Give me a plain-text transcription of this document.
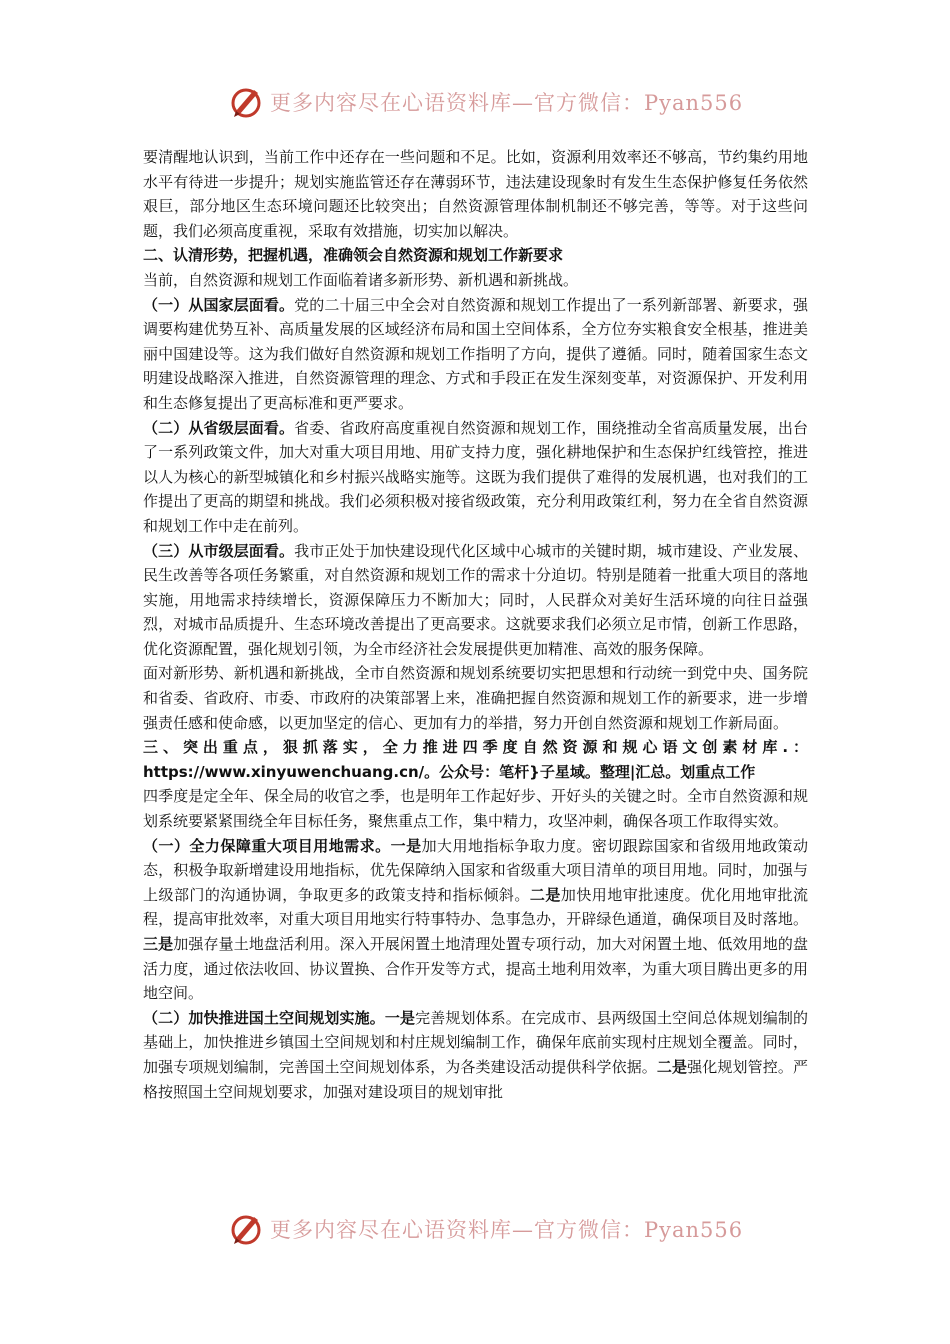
更多内容尽在心语资料库—官方微信：Pyan556

要清醒地认识到，当前工作中还存在一些问题和不足。比如，资源利用效率还不够高，节约集约用地水平有待进一步提升；规划实施监管还存在薄弱环节，违法建设现象时有发生生态保护修复任务依然艰巨，部分地区生态环境问题还比较突出；自然资源管理体制机制还不够完善，等等。对于这些问题，我们必须高度重视，采取有效措施，切实加以解决。

二、认清形势，把握机遇，准确领会自然资源和规划工作新要求

当前，自然资源和规划工作面临着诸多新形势、新机遇和新挑战。

（一）从国家层面看。党的二十届三中全会对自然资源和规划工作提出了一系列新部署、新要求，强调要构建优势互补、高质量发展的区域经济布局和国土空间体系，全方位夯实粮食安全根基，推进美丽中国建设等。这为我们做好自然资源和规划工作指明了方向，提供了遵循。同时，随着国家生态文明建设战略深入推进，自然资源管理的理念、方式和手段正在发生深刻变革，对资源保护、开发利用和生态修复提出了更高标准和更严要求。

（二）从省级层面看。省委、省政府高度重视自然资源和规划工作，围绕推动全省高质量发展，出台了一系列政策文件，加大对重大项目用地、用矿支持力度，强化耕地保护和生态保护红线管控，推进以人为核心的新型城镇化和乡村振兴战略实施等。这既为我们提供了难得的发展机遇，也对我们的工作提出了更高的期望和挑战。我们必须积极对接省级政策，充分利用政策红利，努力在全省自然资源和规划工作中走在前列。

（三）从市级层面看。我市正处于加快建设现代化区域中心城市的关键时期，城市建设、产业发展、民生改善等各项任务繁重，对自然资源和规划工作的需求十分迫切。特别是随着一批重大项目的落地实施，用地需求持续增长，资源保障压力不断加大；同时，人民群众对美好生活环境的向往日益强烈，对城市品质提升、生态环境改善提出了更高要求。这就要求我们必须立足市情，创新工作思路，优化资源配置，强化规划引领，为全市经济社会发展提供更加精准、高效的服务保障。

面对新形势、新机遇和新挑战，全市自然资源和规划系统要切实把思想和行动统一到党中央、国务院和省委、省政府、市委、市政府的决策部署上来，准确把握自然资源和规划工作的新要求，进一步增强责任感和使命感，以更加坚定的信心、更加有力的举措，努力开创自然资源和规划工作新局面。

三、突出重点，狠抓落实，全力推进四季度自然资源和规心语文创素材库.：https://www.xinyuwenchuang.cn/。公众号：笔杆}子星域。整理|汇总。划重点工作

四季度是定全年、保全局的收官之季，也是明年工作起好步、开好头的关键之时。全市自然资源和规划系统要紧紧围绕全年目标任务，聚焦重点工作，集中精力，攻坚冲刺，确保各项工作取得实效。

（一）全力保障重大项目用地需求。一是加大用地指标争取力度。密切跟踪国家和省级用地政策动态，积极争取新增建设用地指标，优先保障纳入国家和省级重大项目清单的项目用地。同时，加强与上级部门的沟通协调，争取更多的政策支持和指标倾斜。二是加快用地审批速度。优化用地审批流程，提高审批效率，对重大项目用地实行特事特办、急事急办，开辟绿色通道，确保项目及时落地。三是加强存量土地盘活利用。深入开展闲置土地清理处置专项行动，加大对闲置土地、低效用地的盘活力度，通过依法收回、协议置换、合作开发等方式，提高土地利用效率，为重大项目腾出更多的用地空间。

（二）加快推进国土空间规划实施。一是完善规划体系。在完成市、县两级国土空间总体规划编制的基础上，加快推进乡镇国土空间规划和村庄规划编制工作，确保年底前实现村庄规划全覆盖。同时，加强专项规划编制，完善国土空间规划体系，为各类建设活动提供科学依据。二是强化规划管控。严格按照国土空间规划要求，加强对建设项目的规划审批

更多内容尽在心语资料库—官方微信：Pyan556
